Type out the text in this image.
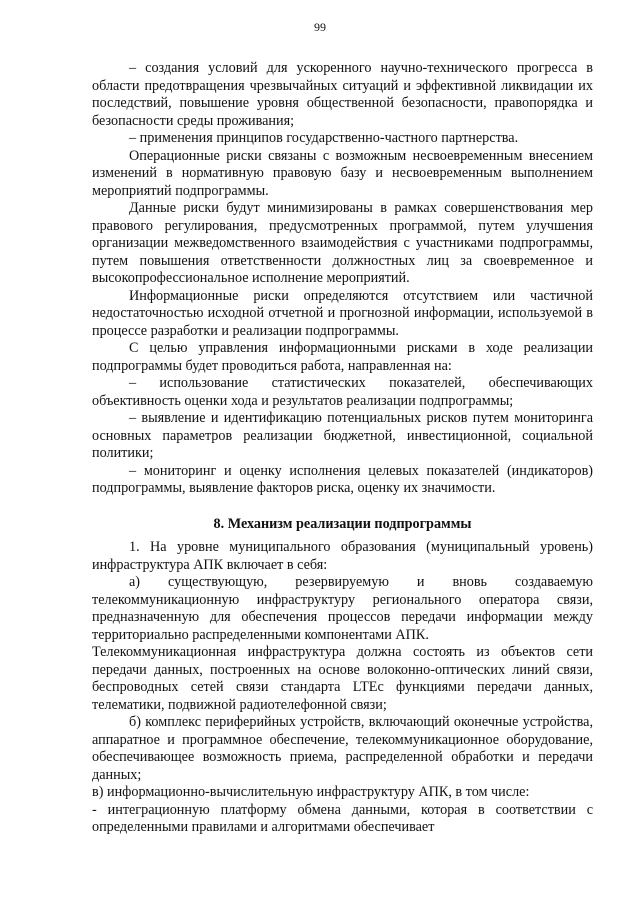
99

– создания условий для ускоренного научно-технического прогресса в области предотвращения чрезвычайных ситуаций и эффективной ликвидации их последствий, повышение уровня общественной безопасности, правопорядка и безопасности среды проживания;

– применения принципов государственно-частного партнерства.

Операционные риски связаны с возможным несвоевременным внесением изменений в нормативную правовую базу и несвоевременным выполнением мероприятий подпрограммы.

Данные риски будут минимизированы в рамках совершенствования мер правового регулирования, предусмотренных программой, путем улучшения организации межведомственного взаимодействия с участниками подпрограммы, путем повышения ответственности должностных лиц за своевременное и высокопрофессиональное исполнение мероприятий.

Информационные риски определяются отсутствием или частичной недостаточностью исходной отчетной и прогнозной информации, используемой в процессе разработки и реализации подпрограммы.

С целью управления информационными рисками в ходе реализации подпрограммы будет проводиться работа, направленная на:

– использование статистических показателей, обеспечивающих объективность оценки хода и результатов реализации подпрограммы;

– выявление и идентификацию потенциальных рисков путем мониторинга основных параметров реализации бюджетной, инвестиционной, социальной политики;

– мониторинг и оценку исполнения целевых показателей (индикаторов) подпрограммы, выявление факторов риска, оценку их значимости.

8. Механизм реализации подпрограммы

1. На уровне муниципального образования (муниципальный уровень) инфраструктура АПК включает в себя:

а) существующую, резервируемую и вновь создаваемую телекоммуникационную инфраструктуру регионального оператора связи, предназначенную для обеспечения процессов передачи информации между территориально распределенными компонентами АПК.

Телекоммуникационная инфраструктура должна состоять из объектов сети передачи данных, построенных на основе волоконно-оптических линий связи, беспроводных сетей связи стандарта LTEc функциями передачи данных, телематики, подвижной радиотелефонной связи;

б) комплекс периферийных устройств, включающий оконечные устройства, аппаратное и программное обеспечение, телекоммуникационное оборудование, обеспечивающее возможность приема, распределенной обработки и передачи данных;

в) информационно-вычислительную инфраструктуру АПК, в том числе:

- интеграционную платформу обмена данными, которая в соответствии с определенными правилами и алгоритмами обеспечивает
